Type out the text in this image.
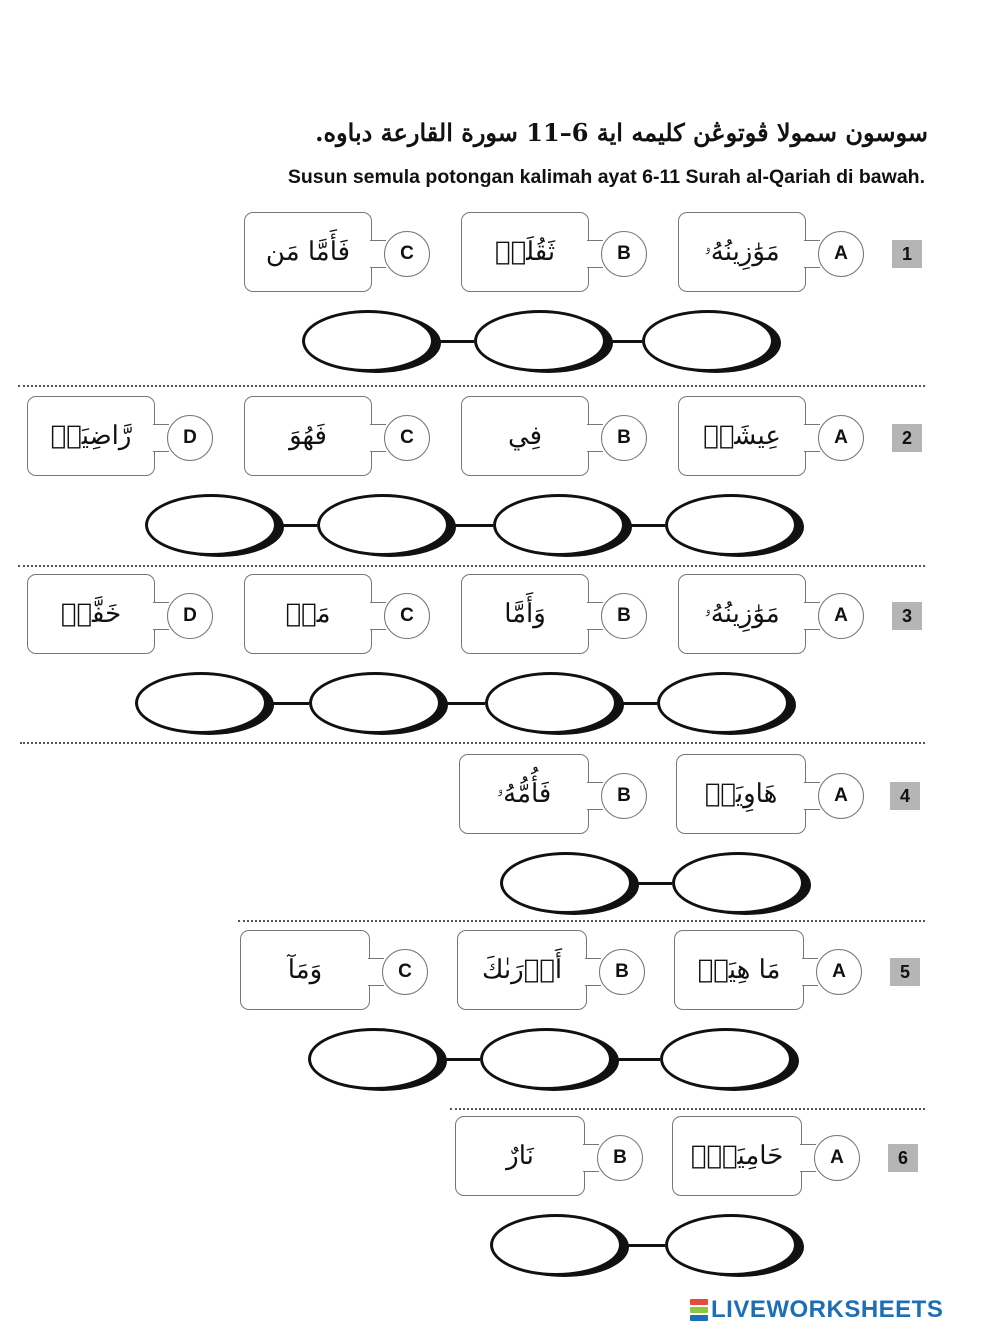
سوسون سمولا ڤوتوڠن كليمه اية 6–11 سورة القارعة دباوه.
Susun semula potongan kalimah ayat 6-11 Surah al-Qariah di bawah.
1
مَوَٰزِينُهُۥ	A
ثَقُلَتۡ	B
فَأَمَّا مَن	C
2
عِيشَةٖ	A
فِي	B
فَهُوَ	C
رَّاضِيَةٖ	D
3
مَوَٰزِينُهُۥ	A
وَأَمَّا	B
مَنۡ	C
خَفَّتۡ	D
4
هَاوِيَةٞ	A
فَأُمُّهُۥ	B
5
مَا هِيَهۡ	A
أَدۡرَىٰكَ	B
وَمَآ	C
6
حَامِيَةُۢ	A
نَارٌ	B
LIVEWORKSHEETS
